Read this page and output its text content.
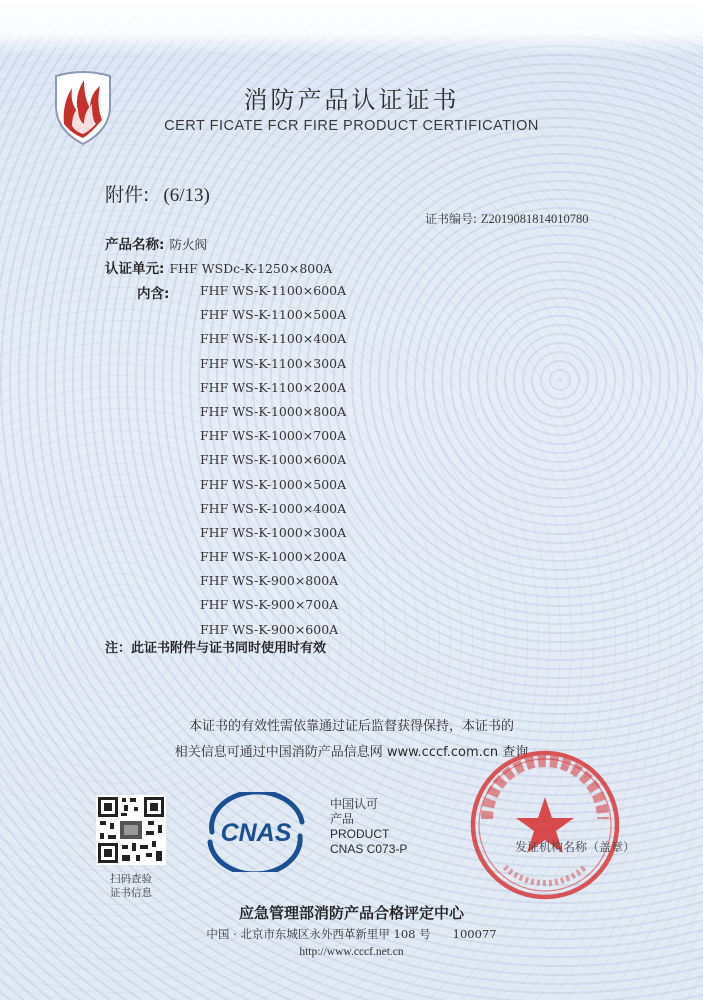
消防产品认证证书
CERT FICATE FCR FIRE PRODUCT CERTIFICATION
附件: (6/13)
证书编号: Z2019081814010780
产品名称: 防火阀
认证单元: FHF WSDc-K-1250×800A
内含: FHF WS-K-1100×600A
FHF WS-K-1100×500A
FHF WS-K-1100×400A
FHF WS-K-1100×300A
FHF WS-K-1100×200A
FHF WS-K-1000×800A
FHF WS-K-1000×700A
FHF WS-K-1000×600A
FHF WS-K-1000×500A
FHF WS-K-1000×400A
FHF WS-K-1000×300A
FHF WS-K-1000×200A
FHF WS-K-900×800A
FHF WS-K-900×700A
FHF WS-K-900×600A
注：此证书附件与证书同时使用时有效
本证书的有效性需依靠通过证后监督获得保持，本证书的
相关信息可通过中国消防产品信息网 www.cccf.com.cn 查询
扫码查验
证书信息
CNAS
中国认可
产品
PRODUCT
CNAS C073-P	发证机构名称（盖章）
应急管理部消防产品合格评定中心
中国 · 北京市东城区永外西革新里甲 108 号 100077
http://www.cccf.net.cn
